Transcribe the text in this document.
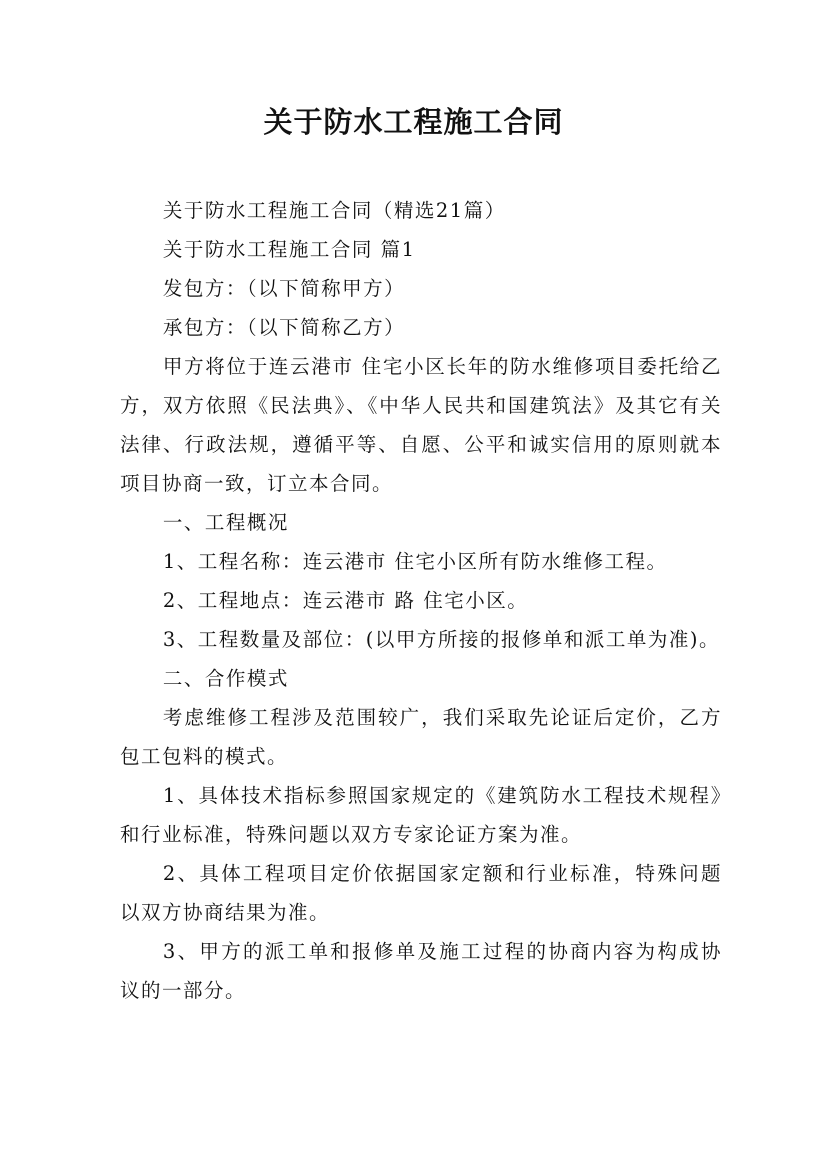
关于防水工程施工合同

关于防水工程施工合同（精选21篇）

关于防水工程施工合同 篇1

发包方：（以下简称甲方）

承包方：（以下简称乙方）

甲方将位于连云港市 住宅小区长年的防水维修项目委托给乙方，双方依照《民法典》、《中华人民共和国建筑法》及其它有关法律、行政法规，遵循平等、自愿、公平和诚实信用的原则就本项目协商一致，订立本合同。

一、工程概况

1、工程名称：连云港市 住宅小区所有防水维修工程。

2、工程地点：连云港市 路 住宅小区。

3、工程数量及部位：(以甲方所接的报修单和派工单为准)。

二、合作模式

考虑维修工程涉及范围较广，我们采取先论证后定价，乙方包工包料的模式。

1、具体技术指标参照国家规定的《建筑防水工程技术规程》和行业标准，特殊问题以双方专家论证方案为准。

2、具体工程项目定价依据国家定额和行业标准，特殊问题以双方协商结果为准。

3、甲方的派工单和报修单及施工过程的协商内容为构成协议的一部分。
